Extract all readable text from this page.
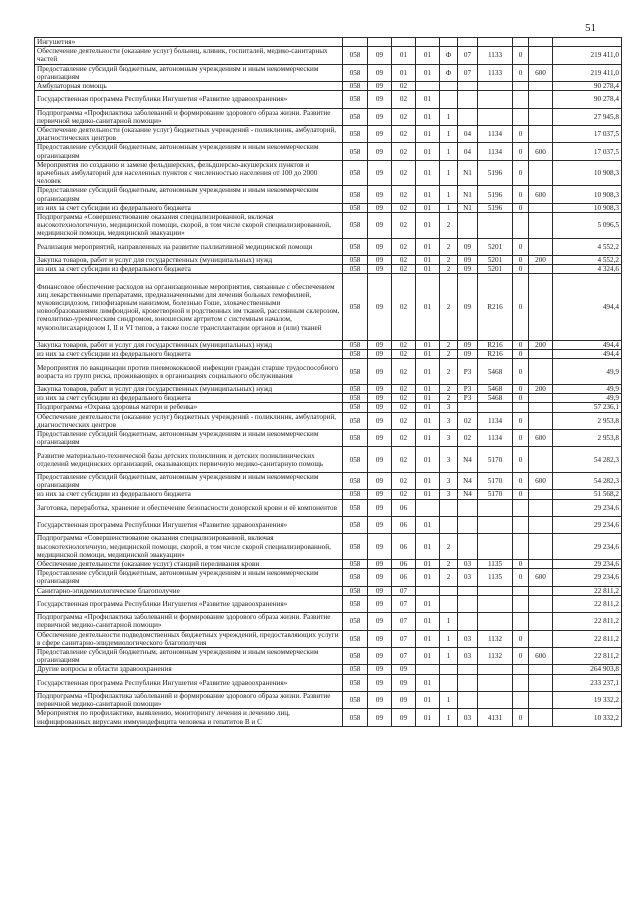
51
Ингушетия»										
Обеспечение деятельности (оказание услуг) больниц, клиник, госпиталей, медико-санитарных частей	058	09	01	01	Ф	07	1133	0		219 411,0
Предоставление субсидий бюджетным, автономным учреждениям и иным некоммерческим организациям	058	09	01	01	Ф	07	1133	0	600	219 411,0
Амбулаторная помощь	058	09	02							90 278,4
Государственная программа Республики Ингушетия «Развитие здравоохранения»	058	09	02	01						90 278,4
Подпрограмма «Профилактика заболеваний и формирование здорового образа жизни. Развитие первичной медико-санитарной помощи»	058	09	02	01	1					27 945,8
Обеспечение деятельности (оказание услуг) бюджетных учреждений - поликлиник, амбулаторий, диагностических центров	058	09	02	01	1	04	1134	0		17 037,5
Предоставление субсидий бюджетным, автономным учреждениям и иным некоммерческим организациям	058	09	02	01	1	04	1134	0	600	17 037,5
Мероприятия по созданию и замене фельдшерских, фельдшерско-акушерских пунктов и врачебных амбулаторий для населенных пунктов с численностью населения от 100 до 2000 человек	058	09	02	01	1	N1	5196	0		10 908,3
Предоставление субсидий бюджетным, автономным учреждениям и иным некоммерческим организациям	058	09	02	01	1	N1	5196	0	600	10 908,3
из них за счет субсидии из федерального бюджета	058	09	02	01	1	N1	5196	0		10 908,3
Подпрограмма «Совершенствование оказания специализированной, включая высокотехнологичную, медицинской помощи, скорой, в том числе скорой специализированной, медицинской помощи, медицинской эвакуации»	058	09	02	01	2					5 096,5
Реализация мероприятий, направленных на развитие паллиативной медицинской помощи	058	09	02	01	2	09	5201	0		4 552,2
Закупка товаров, работ и услуг для государственных (муниципальных) нужд	058	09	02	01	2	09	5201	0	200	4 552,2
из них за счет субсидии из федерального бюджета	058	09	02	01	2	09	5201	0		4 324,6
Финансовое обеспечение расходов на организационные мероприятия, связанные с обеспечением лиц лекарственными препаратами, предназначенными для лечения больных гемофилией, муковисцидозом, гипофизарным нанизмом, болезнью Гоше, злокачественными новообразованиями лимфоидной, кроветворной и родственных им тканей, рассеянным склерозом, гемолитико-уремическим синдромом, юношеским артритом с системным началом, мукополисахаридозом I, II и VI типов, а также после трансплантации органов и (или) тканей	058	09	02	01	2	09	R216	0		494,4
Закупка товаров, работ и услуг для государственных (муниципальных) нужд	058	09	02	01	2	09	R216	0	200	494,4
из них за счет субсидии из федерального бюджета	058	09	02	01	2	09	R216	0		494,4
Мероприятия по вакцинации против пневмококковой инфекции граждан старше трудоспособного возраста из групп риска, проживающих в организациях социального обслуживания	058	09	02	01	2	P3	5468	0		49,9
Закупка товаров, работ и услуг для государственных (муниципальных) нужд	058	09	02	01	2	P3	5468	0	200	49,9
из них за счет субсидии из федерального бюджета	058	09	02	01	2	P3	5468	0		49,9
Подпрограмма «Охрана здоровья матери и ребенка»	058	09	02	01	3					57 236,1
Обеспечение деятельности (оказание услуг) бюджетных учреждений - поликлиник, амбулаторий, диагностических центров	058	09	02	01	3	02	1134	0		2 953,8
Предоставление субсидий бюджетным, автономным учреждениям и иным некоммерческим организациям	058	09	02	01	3	02	1134	0	600	2 953,8
Развитие материально-технической базы детских поликлиник и детских поликлинических отделений медицинских организаций, оказывающих первичную медико-санитарную помощь	058	09	02	01	3	N4	5170	0		54 282,3
Предоставление субсидий бюджетным, автономным учреждениям и иным некоммерческим организациям	058	09	02	01	3	N4	5170	0	600	54 282,3
из них за счет субсидии из федерального бюджета	058	09	02	01	3	N4	5170	0		51 568,2
Заготовка, переработка, хранение и обеспечение безопасности донорской крови и её компонентов	058	09	06							29 234,6
Государственная программа Республики Ингушетия «Развитие здравоохранения»	058	09	06	01						29 234,6
Подпрограмма «Совершенствование оказания специализированной, включая высокотехнологичную, медицинской помощи, скорой, в том числе скорой специализированной, медицинской помощи, медицинской эвакуации»	058	09	06	01	2					29 234,6
Обеспечение деятельности (оказание услуг) станций переливания крови	058	09	06	01	2	03	1135	0		29 234,6
Предоставление субсидий бюджетным, автономным учреждениям и иным некоммерческим организациям	058	09	06	01	2	03	1135	0	600	29 234,6
Санитарно-эпидемиологическое благополучие	058	09	07							22 811,2
Государственная программа Республики Ингушетия «Развитие здравоохранения»	058	09	07	01						22 811,2
Подпрограмма «Профилактика заболеваний и формирование здорового образа жизни. Развитие первичной медико-санитарной помощи»	058	09	07	01	1					22 811,2
Обеспечение деятельности подведомственных бюджетных учреждений, предоставляющих услуги в сфере санитарно-эпидемиологического благополучия	058	09	07	01	1	03	1132	0		22 811,2
Предоставление субсидий бюджетным, автономным учреждениям и иным некоммерческим организациям	058	09	07	01	1	03	1132	0	600	22 811,2
Другие вопросы в области здравоохранения	058	09	09							264 903,8
Государственная программа Республики Ингушетия «Развитие здравоохранения»	058	09	09	01						233 237,1
Подпрограмма «Профилактика заболеваний и формирование здорового образа жизни. Развитие первичной медико-санитарной помощи»	058	09	09	01	1					19 332,2
Мероприятия по профилактике, выявлению, мониторингу лечения и лечению лиц, инфицированных вирусами иммунодефицита человека и гепатитов В и С	058	09	09	01	1	03	4131	0		10 332,2
